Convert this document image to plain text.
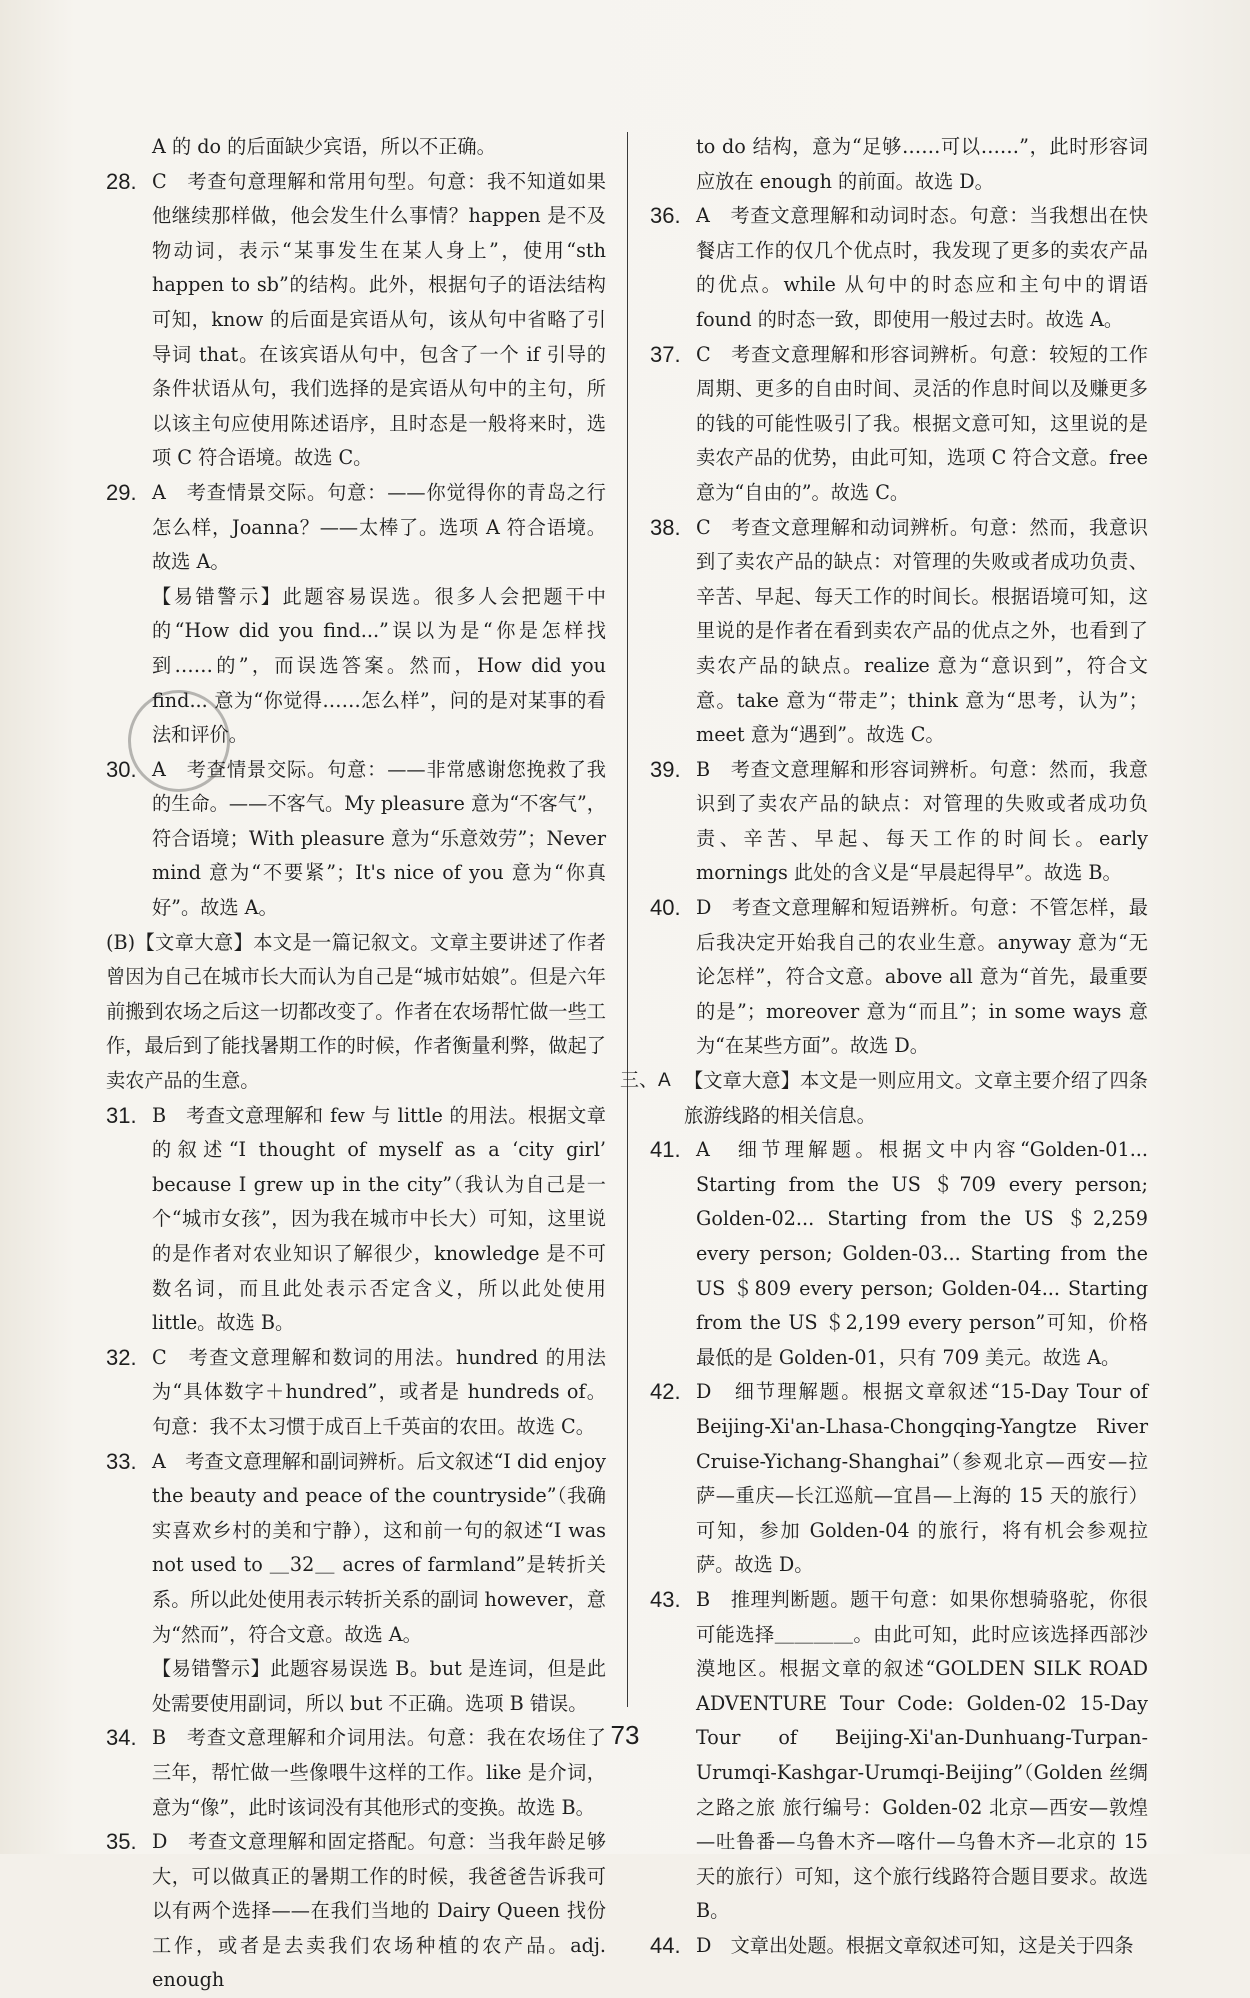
A 的 do 的后面缺少宾语，所以不正确。

28. C　考查句意理解和常用句型。句意：我不知道如果他继续那样做，他会发生什么事情？happen 是不及物动词，表示“某事发生在某人身上”，使用“sth happen to sb”的结构。此外，根据句子的语法结构可知，know 的后面是宾语从句，该从句中省略了引导词 that。在该宾语从句中，包含了一个 if 引导的条件状语从句，我们选择的是宾语从句中的主句，所以该主句应使用陈述语序，且时态是一般将来时，选项 C 符合语境。故选 C。
29. A　考查情景交际。句意：——你觉得你的青岛之行怎么样，Joanna？——太棒了。选项 A 符合语境。故选 A。

【易错警示】此题容易误选。很多人会把题干中的“How did you find...”误以为是“你是怎样找到……的”，而误选答案。然而，How did you find... 意为“你觉得……怎么样”，问的是对某事的看法和评价。

30. A　考查情景交际。句意：——非常感谢您挽救了我的生命。——不客气。My pleasure 意为“不客气”，符合语境；With pleasure 意为“乐意效劳”；Never mind 意为“不要紧”；It's nice of you 意为“你真好”。故选 A。

(B)【文章大意】本文是一篇记叙文。文章主要讲述了作者曾因为自己在城市长大而认为自己是“城市姑娘”。但是六年前搬到农场之后这一切都改变了。作者在农场帮忙做一些工作，最后到了能找暑期工作的时候，作者衡量利弊，做起了卖农产品的生意。

31. B　考查文意理解和 few 与 little 的用法。根据文章的叙述“I thought of myself as a ‘city girl’ because I grew up in the city”（我认为自己是一个“城市女孩”，因为我在城市中长大）可知，这里说的是作者对农业知识了解很少，knowledge 是不可数名词，而且此处表示否定含义，所以此处使用 little。故选 B。
32. C　考查文意理解和数词的用法。hundred 的用法为“具体数字＋hundred”，或者是 hundreds of。句意：我不太习惯于成百上千英亩的农田。故选 C。
33. A　考查文意理解和副词辨析。后文叙述“I did enjoy the beauty and peace of the countryside”（我确实喜欢乡村的美和宁静），这和前一句的叙述“I was not used to ＿32＿ acres of farmland”是转折关系。所以此处使用表示转折关系的副词 however，意为“然而”，符合文意。故选 A。

【易错警示】此题容易误选 B。but 是连词，但是此处需要使用副词，所以 but 不正确。选项 B 错误。

34. B　考查文意理解和介词用法。句意：我在农场住了三年，帮忙做一些像喂牛这样的工作。like 是介词，意为“像”，此时该词没有其他形式的变换。故选 B。
35. D　考查文意理解和固定搭配。句意：当我年龄足够大，可以做真正的暑期工作的时候，我爸爸告诉我可以有两个选择——在我们当地的 Dairy Queen 找份工作，或者是去卖我们农场种植的农产品。adj. enough

to do 结构，意为“足够……可以……”，此时形容词应放在 enough 的前面。故选 D。

36. A　考查文意理解和动词时态。句意：当我想出在快餐店工作的仅几个优点时，我发现了更多的卖农产品的优点。while 从句中的时态应和主句中的谓语 found 的时态一致，即使用一般过去时。故选 A。
37. C　考查文意理解和形容词辨析。句意：较短的工作周期、更多的自由时间、灵活的作息时间以及赚更多的钱的可能性吸引了我。根据文意可知，这里说的是卖农产品的优势，由此可知，选项 C 符合文意。free 意为“自由的”。故选 C。
38. C　考查文意理解和动词辨析。句意：然而，我意识到了卖农产品的缺点：对管理的失败或者成功负责、辛苦、早起、每天工作的时间长。根据语境可知，这里说的是作者在看到卖农产品的优点之外，也看到了卖农产品的缺点。realize 意为“意识到”，符合文意。take 意为“带走”；think 意为“思考，认为”；meet 意为“遇到”。故选 C。
39. B　考查文意理解和形容词辨析。句意：然而，我意识到了卖农产品的缺点：对管理的失败或者成功负责、辛苦、早起、每天工作的时间长。early mornings 此处的含义是“早晨起得早”。故选 B。
40. D　考查文意理解和短语辨析。句意：不管怎样，最后我决定开始我自己的农业生意。anyway 意为“无论怎样”，符合文意。above all 意为“首先，最重要的是”；moreover 意为“而且”；in some ways 意为“在某些方面”。故选 D。
三、A 【文章大意】本文是一则应用文。文章主要介绍了四条旅游线路的相关信息。
41. A　细节理解题。根据文中内容“Golden-01... Starting from the US ＄709 every person; Golden-02... Starting from the US ＄2,259 every person; Golden-03... Starting from the US ＄809 every person; Golden-04... Starting from the US ＄2,199 every person”可知，价格最低的是 Golden-01，只有 709 美元。故选 A。
42. D　细节理解题。根据文章叙述“15-Day Tour of Beijing-Xi'an-Lhasa-Chongqing-Yangtze River Cruise-Yichang-Shanghai”（参观北京—西安—拉萨—重庆—长江巡航—宜昌—上海的 15 天的旅行）可知，参加 Golden-04 的旅行，将有机会参观拉萨。故选 D。
43. B　推理判断题。题干句意：如果你想骑骆驼，你很可能选择＿＿＿＿。由此可知，此时应该选择西部沙漠地区。根据文章的叙述“GOLDEN SILK ROAD ADVENTURE Tour Code: Golden-02 15-Day Tour of Beijing-Xi'an-Dunhuang-Turpan-Urumqi-Kashgar-Urumqi-Beijing”（Golden 丝绸之路之旅 旅行编号：Golden-02 北京—西安—敦煌—吐鲁番—乌鲁木齐—喀什—乌鲁木齐—北京的 15 天的旅行）可知，这个旅行线路符合题目要求。故选 B。
44. D　文章出处题。根据文章叙述可知，这是关于四条
73
